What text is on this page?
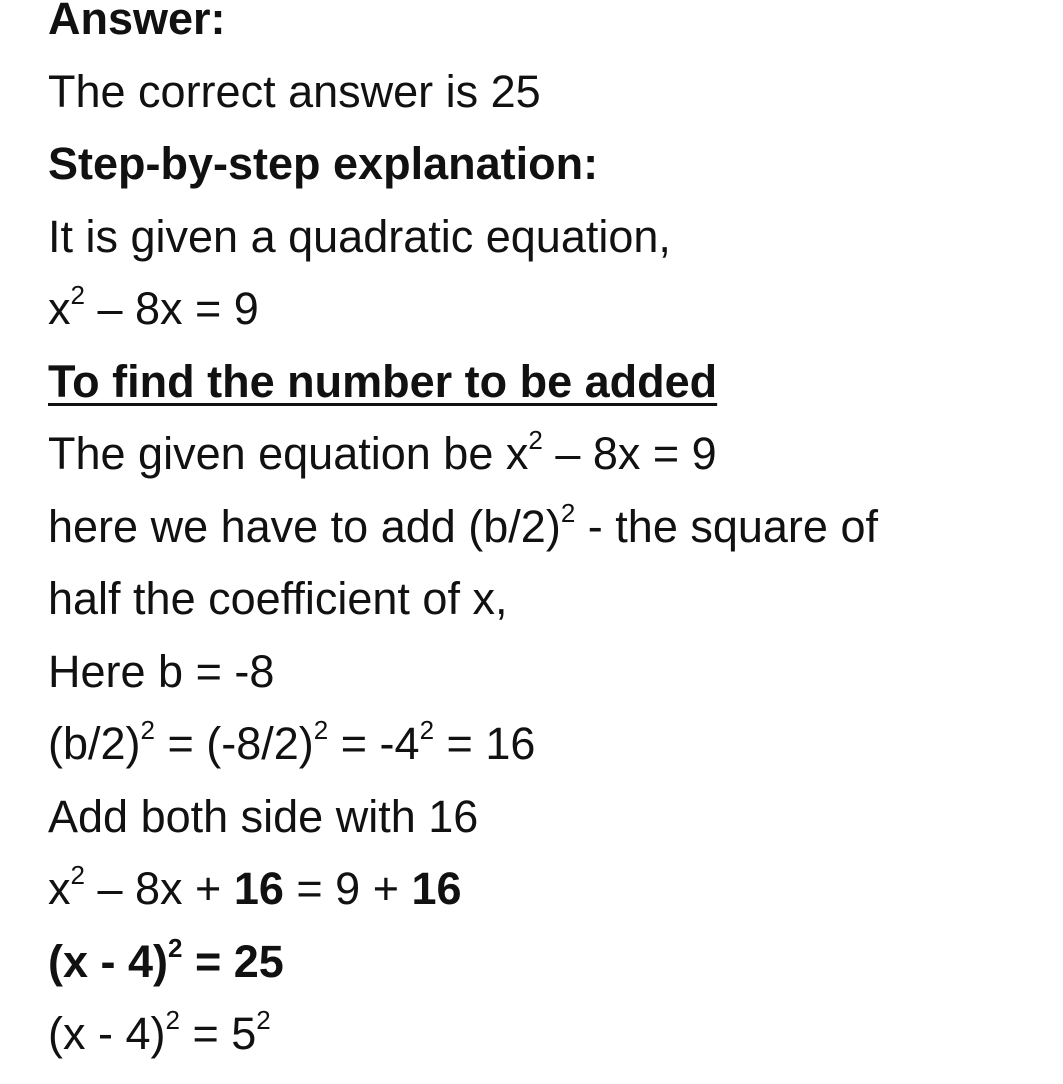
Answer:
The correct answer is 25
Step-by-step explanation:
It is given a quadratic equation,
$x^2 - 8x = 9$
To find the number to be added
The given equation be $x^2 - 8x = 9$
here we have to add $(b/2)^2$ - the square of
half the coefficient of x,
Here b = -8
$(b/2)^2 = (-8/2)^2 = -4^2 = 16$
Add both side with 16
$x^2 - 8x + 16 = 9 + 16$
(x - 4)$^2$ = 25
$(x - 4)^2 = 5^2$
